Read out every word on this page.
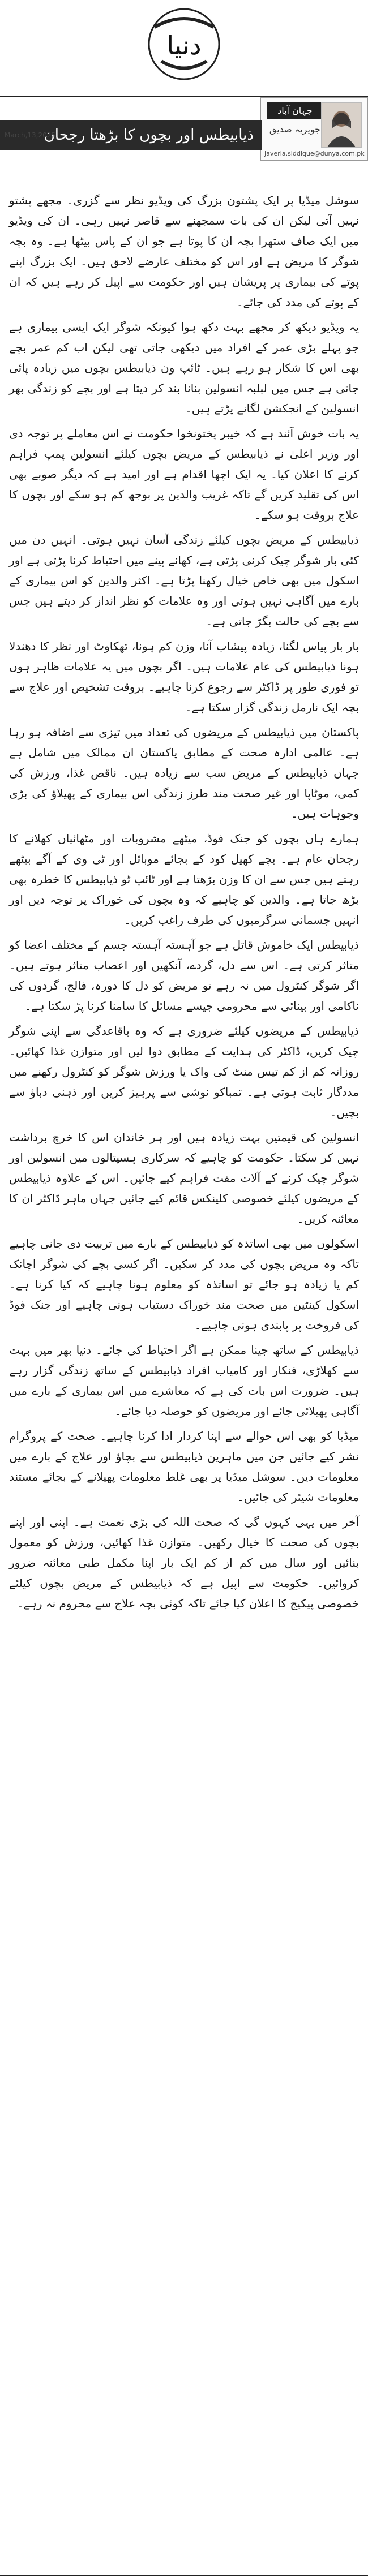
دنیا
جہان آباد
جویریہ صدیق
Javeria.siddique@dunya.com.pk
ذیابیطس اور بچوں کا بڑھتا رجحان
March,13,2025

سوشل میڈیا پر ایک پشتون بزرگ کی ویڈیو نظر سے گزری۔ مجھے پشتو نہیں آتی لیکن ان کی بات سمجھنے سے قاصر نہیں رہی۔ ان کی ویڈیو میں ایک صاف ستھرا بچہ ان کا پوتا ہے جو ان کے پاس بیٹھا ہے۔ وہ بچہ شوگر کا مریض ہے اور اس کو مختلف عارضے لاحق ہیں۔ ایک بزرگ اپنے پوتے کی بیماری پر پریشان ہیں اور حکومت سے اپیل کر رہے ہیں کہ ان کے پوتے کی مدد کی جائے۔

یہ ویڈیو دیکھ کر مجھے بہت دکھ ہوا کیونکہ شوگر ایک ایسی بیماری ہے جو پہلے بڑی عمر کے افراد میں دیکھی جاتی تھی لیکن اب کم عمر بچے بھی اس کا شکار ہو رہے ہیں۔ ٹائپ ون ذیابیطس بچوں میں زیادہ پائی جاتی ہے جس میں لبلبہ انسولین بنانا بند کر دیتا ہے اور بچے کو زندگی بھر انسولین کے انجکشن لگانے پڑتے ہیں۔

یہ بات خوش آئند ہے کہ خیبر پختونخوا حکومت نے اس معاملے پر توجہ دی اور وزیر اعلیٰ نے ذیابیطس کے مریض بچوں کیلئے انسولین پمپ فراہم کرنے کا اعلان کیا۔ یہ ایک اچھا اقدام ہے اور امید ہے کہ دیگر صوبے بھی اس کی تقلید کریں گے تاکہ غریب والدین پر بوجھ کم ہو سکے اور بچوں کا علاج بروقت ہو سکے۔

ذیابیطس کے مریض بچوں کیلئے زندگی آسان نہیں ہوتی۔ انہیں دن میں کئی بار شوگر چیک کرنی پڑتی ہے، کھانے پینے میں احتیاط کرنا پڑتی ہے اور اسکول میں بھی خاص خیال رکھنا پڑتا ہے۔ اکثر والدین کو اس بیماری کے بارے میں آگاہی نہیں ہوتی اور وہ علامات کو نظر انداز کر دیتے ہیں جس سے بچے کی حالت بگڑ جاتی ہے۔

بار بار پیاس لگنا، زیادہ پیشاب آنا، وزن کم ہونا، تھکاوٹ اور نظر کا دھندلا ہونا ذیابیطس کی عام علامات ہیں۔ اگر بچوں میں یہ علامات ظاہر ہوں تو فوری طور پر ڈاکٹر سے رجوع کرنا چاہیے۔ بروقت تشخیص اور علاج سے بچہ ایک نارمل زندگی گزار سکتا ہے۔

پاکستان میں ذیابیطس کے مریضوں کی تعداد میں تیزی سے اضافہ ہو رہا ہے۔ عالمی ادارہ صحت کے مطابق پاکستان ان ممالک میں شامل ہے جہاں ذیابیطس کے مریض سب سے زیادہ ہیں۔ ناقص غذا، ورزش کی کمی، موٹاپا اور غیر صحت مند طرز زندگی اس بیماری کے پھیلاؤ کی بڑی وجوہات ہیں۔

ہمارے ہاں بچوں کو جنک فوڈ، میٹھے مشروبات اور مٹھائیاں کھلانے کا رجحان عام ہے۔ بچے کھیل کود کے بجائے موبائل اور ٹی وی کے آگے بیٹھے رہتے ہیں جس سے ان کا وزن بڑھتا ہے اور ٹائپ ٹو ذیابیطس کا خطرہ بھی بڑھ جاتا ہے۔ والدین کو چاہیے کہ وہ بچوں کی خوراک پر توجہ دیں اور انہیں جسمانی سرگرمیوں کی طرف راغب کریں۔

ذیابیطس ایک خاموش قاتل ہے جو آہستہ آہستہ جسم کے مختلف اعضا کو متاثر کرتی ہے۔ اس سے دل، گردے، آنکھیں اور اعصاب متاثر ہوتے ہیں۔ اگر شوگر کنٹرول میں نہ رہے تو مریض کو دل کا دورہ، فالج، گردوں کی ناکامی اور بینائی سے محرومی جیسے مسائل کا سامنا کرنا پڑ سکتا ہے۔

ذیابیطس کے مریضوں کیلئے ضروری ہے کہ وہ باقاعدگی سے اپنی شوگر چیک کریں، ڈاکٹر کی ہدایت کے مطابق دوا لیں اور متوازن غذا کھائیں۔ روزانہ کم از کم تیس منٹ کی واک یا ورزش شوگر کو کنٹرول رکھنے میں مددگار ثابت ہوتی ہے۔ تمباکو نوشی سے پرہیز کریں اور ذہنی دباؤ سے بچیں۔

انسولین کی قیمتیں بہت زیادہ ہیں اور ہر خاندان اس کا خرچ برداشت نہیں کر سکتا۔ حکومت کو چاہیے کہ سرکاری ہسپتالوں میں انسولین اور شوگر چیک کرنے کے آلات مفت فراہم کیے جائیں۔ اس کے علاوہ ذیابیطس کے مریضوں کیلئے خصوصی کلینکس قائم کیے جائیں جہاں ماہر ڈاکٹر ان کا معائنہ کریں۔

اسکولوں میں بھی اساتذہ کو ذیابیطس کے بارے میں تربیت دی جانی چاہیے تاکہ وہ مریض بچوں کی مدد کر سکیں۔ اگر کسی بچے کی شوگر اچانک کم یا زیادہ ہو جائے تو اساتذہ کو معلوم ہونا چاہیے کہ کیا کرنا ہے۔ اسکول کینٹین میں صحت مند خوراک دستیاب ہونی چاہیے اور جنک فوڈ کی فروخت پر پابندی ہونی چاہیے۔

ذیابیطس کے ساتھ جینا ممکن ہے اگر احتیاط کی جائے۔ دنیا بھر میں بہت سے کھلاڑی، فنکار اور کامیاب افراد ذیابیطس کے ساتھ زندگی گزار رہے ہیں۔ ضرورت اس بات کی ہے کہ معاشرے میں اس بیماری کے بارے میں آگاہی پھیلائی جائے اور مریضوں کو حوصلہ دیا جائے۔

میڈیا کو بھی اس حوالے سے اپنا کردار ادا کرنا چاہیے۔ صحت کے پروگرام نشر کیے جائیں جن میں ماہرین ذیابیطس سے بچاؤ اور علاج کے بارے میں معلومات دیں۔ سوشل میڈیا پر بھی غلط معلومات پھیلانے کے بجائے مستند معلومات شیئر کی جائیں۔

آخر میں یہی کہوں گی کہ صحت اللہ کی بڑی نعمت ہے۔ اپنی اور اپنے بچوں کی صحت کا خیال رکھیں۔ متوازن غذا کھائیں، ورزش کو معمول بنائیں اور سال میں کم از کم ایک بار اپنا مکمل طبی معائنہ ضرور کروائیں۔ حکومت سے اپیل ہے کہ ذیابیطس کے مریض بچوں کیلئے خصوصی پیکیج کا اعلان کیا جائے تاکہ کوئی بچہ علاج سے محروم نہ رہے۔
